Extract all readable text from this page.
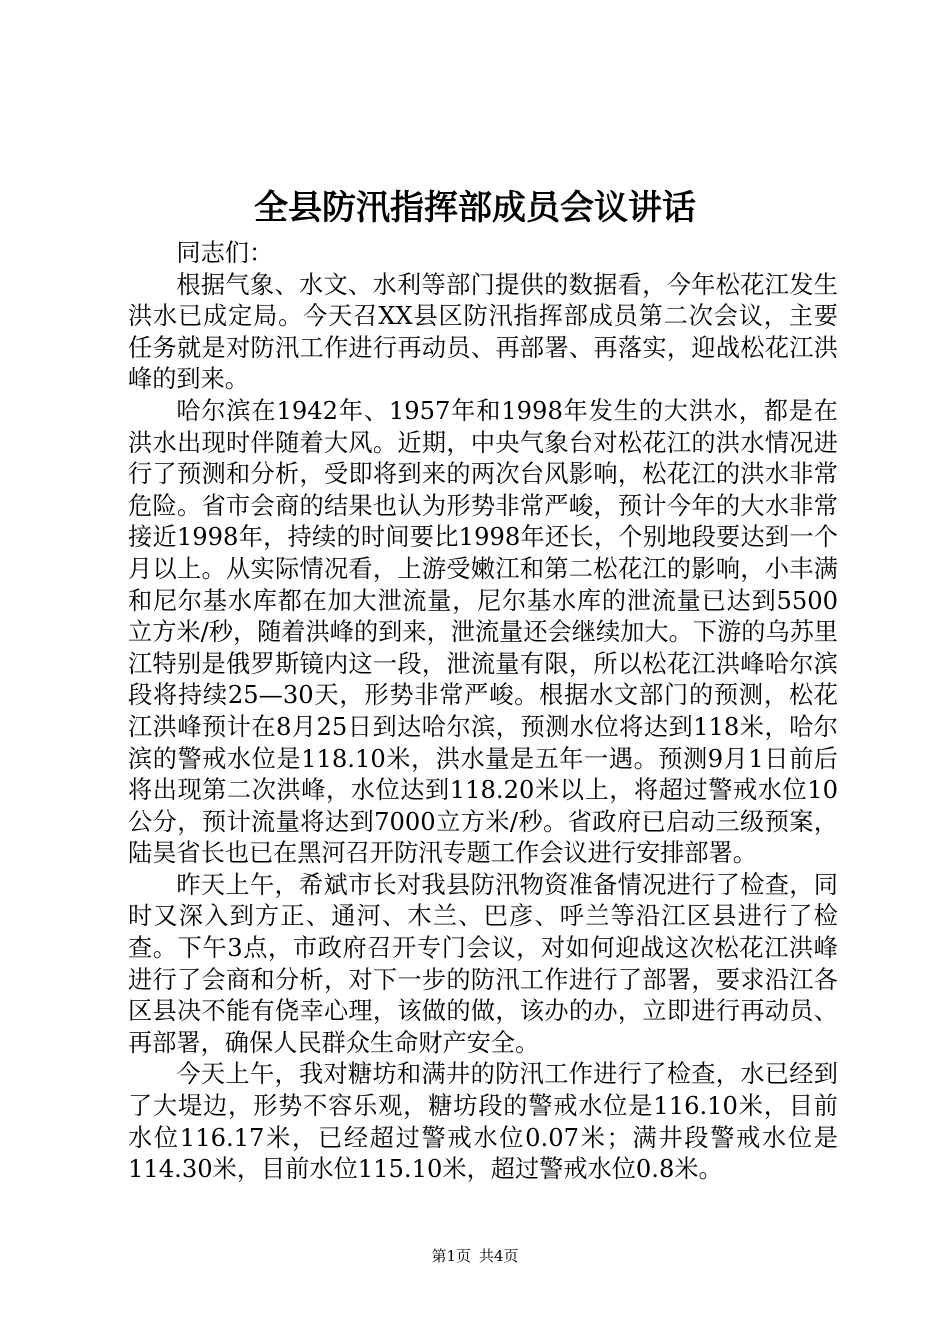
全县防汛指挥部成员会议讲话

同志们：

根据气象、水文、水利等部门提供的数据看，今年松花江发生洪水已成定局。今天召XX县区防汛指挥部成员第二次会议，主要任务就是对防汛工作进行再动员、再部署、再落实，迎战松花江洪峰的到来。

哈尔滨在1942年、1957年和1998年发生的大洪水，都是在洪水出现时伴随着大风。近期，中央气象台对松花江的洪水情况进行了预测和分析，受即将到来的两次台风影响，松花江的洪水非常危险。省市会商的结果也认为形势非常严峻，预计今年的大水非常接近1998年，持续的时间要比1998年还长，个别地段要达到一个月以上。从实际情况看，上游受嫩江和第二松花江的影响，小丰满和尼尔基水库都在加大泄流量，尼尔基水库的泄流量已达到5500立方米/秒，随着洪峰的到来，泄流量还会继续加大。下游的乌苏里江特别是俄罗斯镜内这一段，泄流量有限，所以松花江洪峰哈尔滨段将持续25—30天，形势非常严峻。根据水文部门的预测，松花江洪峰预计在8月25日到达哈尔滨，预测水位将达到118米，哈尔滨的警戒水位是118.10米，洪水量是五年一遇。预测9月1日前后将出现第二次洪峰，水位达到118.20米以上，将超过警戒水位10公分，预计流量将达到7000立方米/秒。省政府已启动三级预案，陆昊省长也已在黑河召开防汛专题工作会议进行安排部署。

昨天上午，希斌市长对我县防汛物资准备情况进行了检查，同时又深入到方正、通河、木兰、巴彦、呼兰等沿江区县进行了检查。下午3点，市政府召开专门会议，对如何迎战这次松花江洪峰进行了会商和分析，对下一步的防汛工作进行了部署，要求沿江各区县决不能有侥幸心理，该做的做，该办的办，立即进行再动员、再部署，确保人民群众生命财产安全。

今天上午，我对糖坊和满井的防汛工作进行了检查，水已经到了大堤边，形势不容乐观，糖坊段的警戒水位是116.10米，目前水位116.17米，已经超过警戒水位0.07米；满井段警戒水位是114.30米，目前水位115.10米，超过警戒水位0.8米。

第1页 共4页
